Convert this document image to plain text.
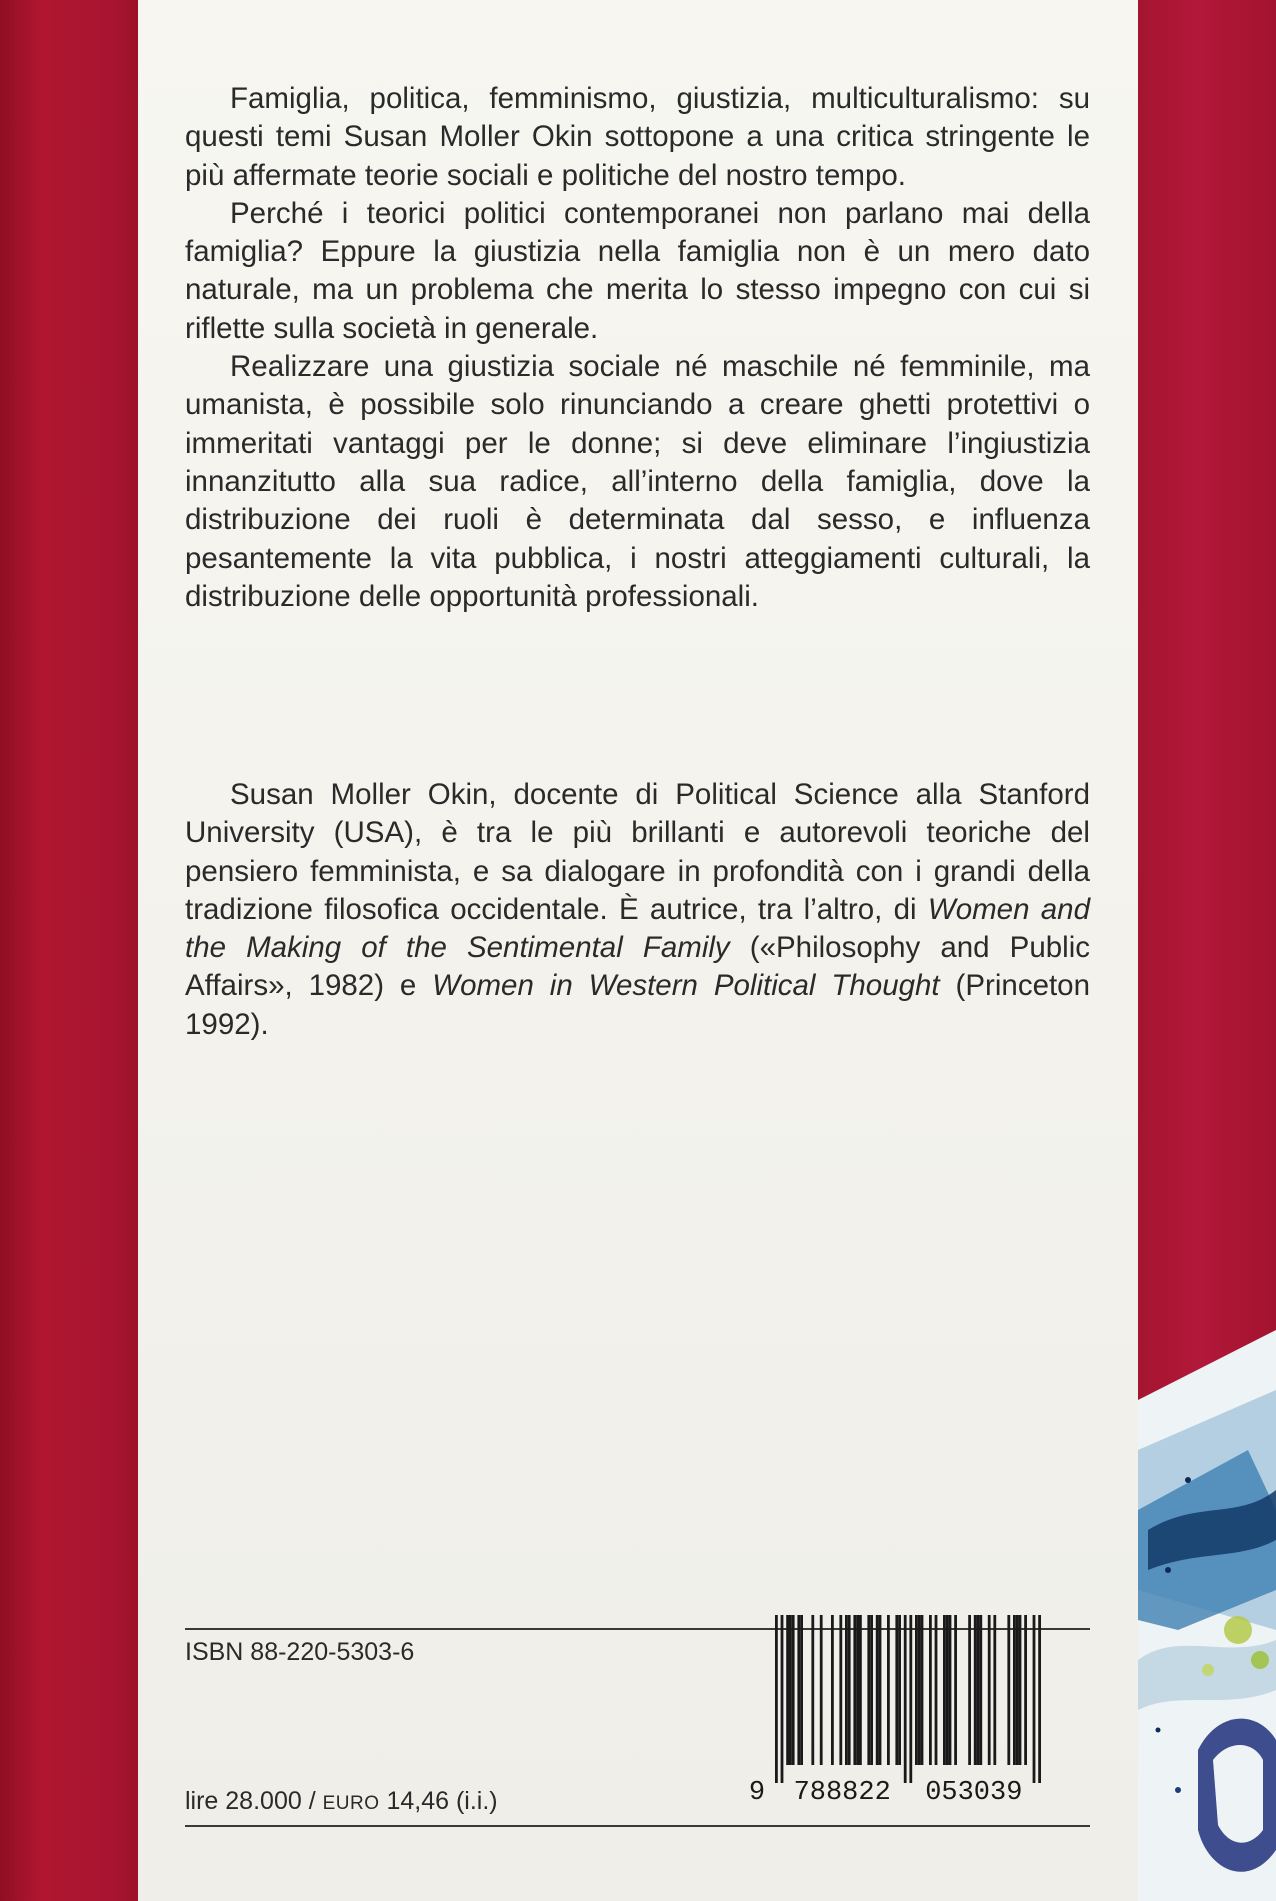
Famiglia, politica, femminismo, giustizia, multiculturalismo: su questi temi Susan Moller Okin sottopone a una critica stringente le più affermate teorie sociali e politiche del nostro tempo.

Perché i teorici politici contemporanei non parlano mai della famiglia? Eppure la giustizia nella famiglia non è un mero dato naturale, ma un problema che merita lo stesso impegno con cui si riflette sulla società in generale.

Realizzare una giustizia sociale né maschile né femminile, ma umanista, è possibile solo rinunciando a creare ghetti protettivi o immeritati vantaggi per le donne; si deve eliminare l’ingiustizia innanzitutto alla sua radice, all’interno della famiglia, dove la distribuzione dei ruoli è determinata dal sesso, e influenza pesantemente la vita pubblica, i nostri atteggiamenti culturali, la distribuzione delle opportunità professionali.

Susan Moller Okin, docente di Political Science alla Stanford University (USA), è tra le più brillanti e autorevoli teoriche del pensiero femminista, e sa dialogare in profondità con i grandi della tradizione filosofica occidentale. È autrice, tra l’altro, di Women and the Making of the Sentimental Family («Philosophy and Public Affairs», 1982) e Women in Western Political Thought (Princeton 1992).

ISBN 88-220-5303-6
9 788822 053039
lire 28.000 / EURO 14,46 (i.i.)
